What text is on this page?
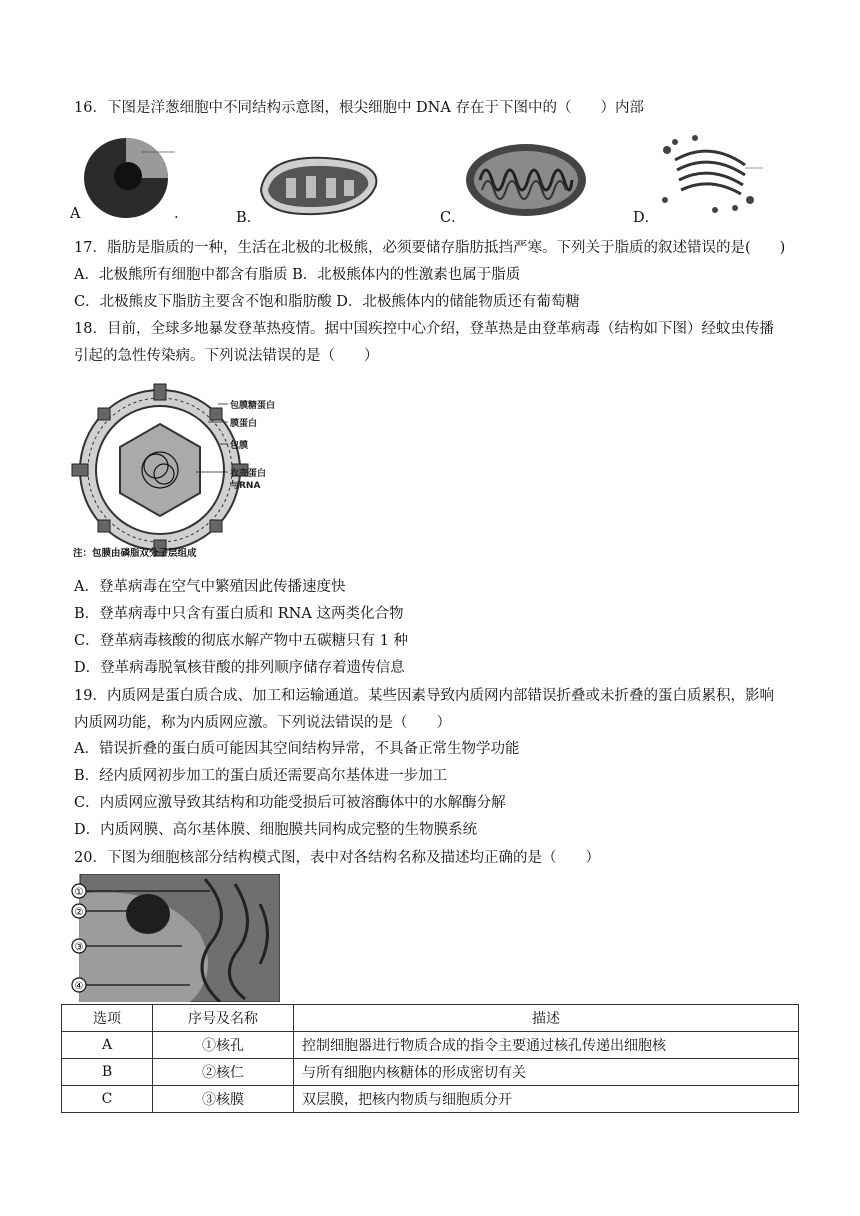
16．下图是洋葱细胞中不同结构示意图，根尖细胞中 DNA 存在于下图中的（　　）内部
A	.	B．	C．	D．
17．脂肪是脂质的一种，生活在北极的北极熊，必须要储存脂肪抵挡严寒。下列关于脂质的叙述错误的是(　　)
A．北极熊所有细胞中都含有脂质 B．北极熊体内的性激素也属于脂质
C．北极熊皮下脂肪主要含不饱和脂肪酸 D．北极熊体内的储能物质还有葡萄糖
18．目前，全球多地暴发登革热疫情。据中国疾控中心介绍，登革热是由登革病毒（结构如下图）经蚊虫传播
引起的急性传染病。下列说法错误的是（　　）
包膜糖蛋白
膜蛋白
包膜
衣壳蛋白
与RNA
注：包膜由磷脂双分子层组成
A．登革病毒在空气中繁殖因此传播速度快
B．登革病毒中只含有蛋白质和 RNA 这两类化合物
C．登革病毒核酸的彻底水解产物中五碳糖只有 1 种
D．登革病毒脱氧核苷酸的排列顺序储存着遗传信息
19．内质网是蛋白质合成、加工和运输通道。某些因素导致内质网内部错误折叠或未折叠的蛋白质累积，影响
内质网功能，称为内质网应激。下列说法错误的是（　　）
A．错误折叠的蛋白质可能因其空间结构异常，不具备正常生物学功能
B．经内质网初步加工的蛋白质还需要高尔基体进一步加工
C．内质网应激导致其结构和功能受损后可被溶酶体中的水解酶分解
D．内质网膜、高尔基体膜、细胞膜共同构成完整的生物膜系统
20．下图为细胞核部分结构模式图，表中对各结构名称及描述均正确的是（　　）
①
②
③
④
选项	序号及名称	描述
A	①核孔	控制细胞器进行物质合成的指令主要通过核孔传递出细胞核
B	②核仁	与所有细胞内核糖体的形成密切有关
C	③核膜	双层膜，把核内物质与细胞质分开
